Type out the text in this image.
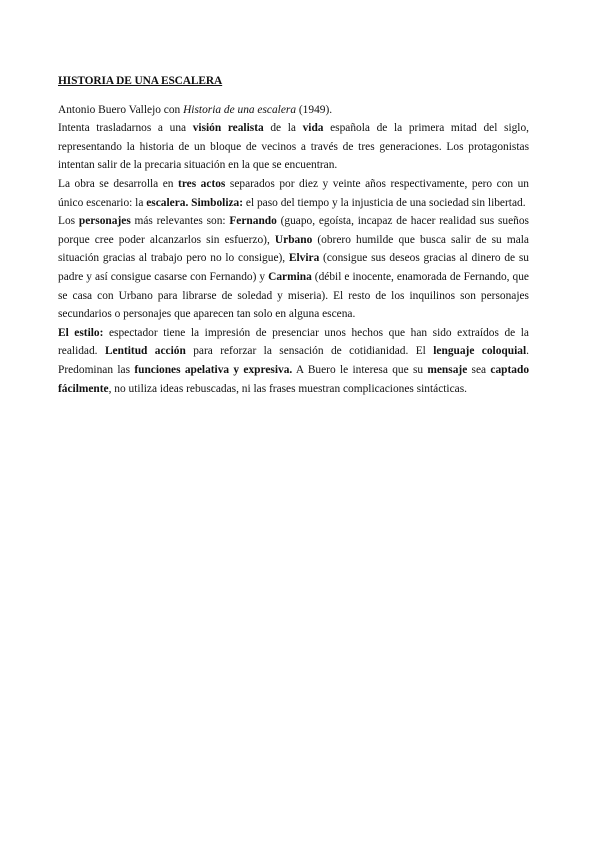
HISTORIA DE UNA ESCALERA

Antonio Buero Vallejo con Historia de una escalera (1949).

Intenta trasladarnos a una visión realista de la vida española de la primera mitad del siglo, representando la historia de un bloque de vecinos a través de tres generaciones. Los protagonistas intentan salir de la precaria situación en la que se encuentran.

La obra se desarrolla en tres actos separados por diez y veinte años respectivamente, pero con un único escenario: la escalera. Simboliza: el paso del tiempo y la injusticia de una sociedad sin libertad.

Los personajes más relevantes son: Fernando (guapo, egoísta, incapaz de hacer realidad sus sueños porque cree poder alcanzarlos sin esfuerzo), Urbano (obrero humilde que busca salir de su mala situación gracias al trabajo pero no lo consigue), Elvira (consigue sus deseos gracias al dinero de su padre y así consigue casarse con Fernando) y Carmina (débil e inocente, enamorada de Fernando, que se casa con Urbano para librarse de soledad y miseria). El resto de los inquilinos son personajes secundarios o personajes que aparecen tan solo en alguna escena.

El estilo: espectador tiene la impresión de presenciar unos hechos que han sido extraídos de la realidad. Lentitud acción para reforzar la sensación de cotidianidad. El lenguaje coloquial. Predominan las funciones apelativa y expresiva. A Buero le interesa que su mensaje sea captado fácilmente, no utiliza ideas rebuscadas, ni las frases muestran complicaciones sintácticas.
